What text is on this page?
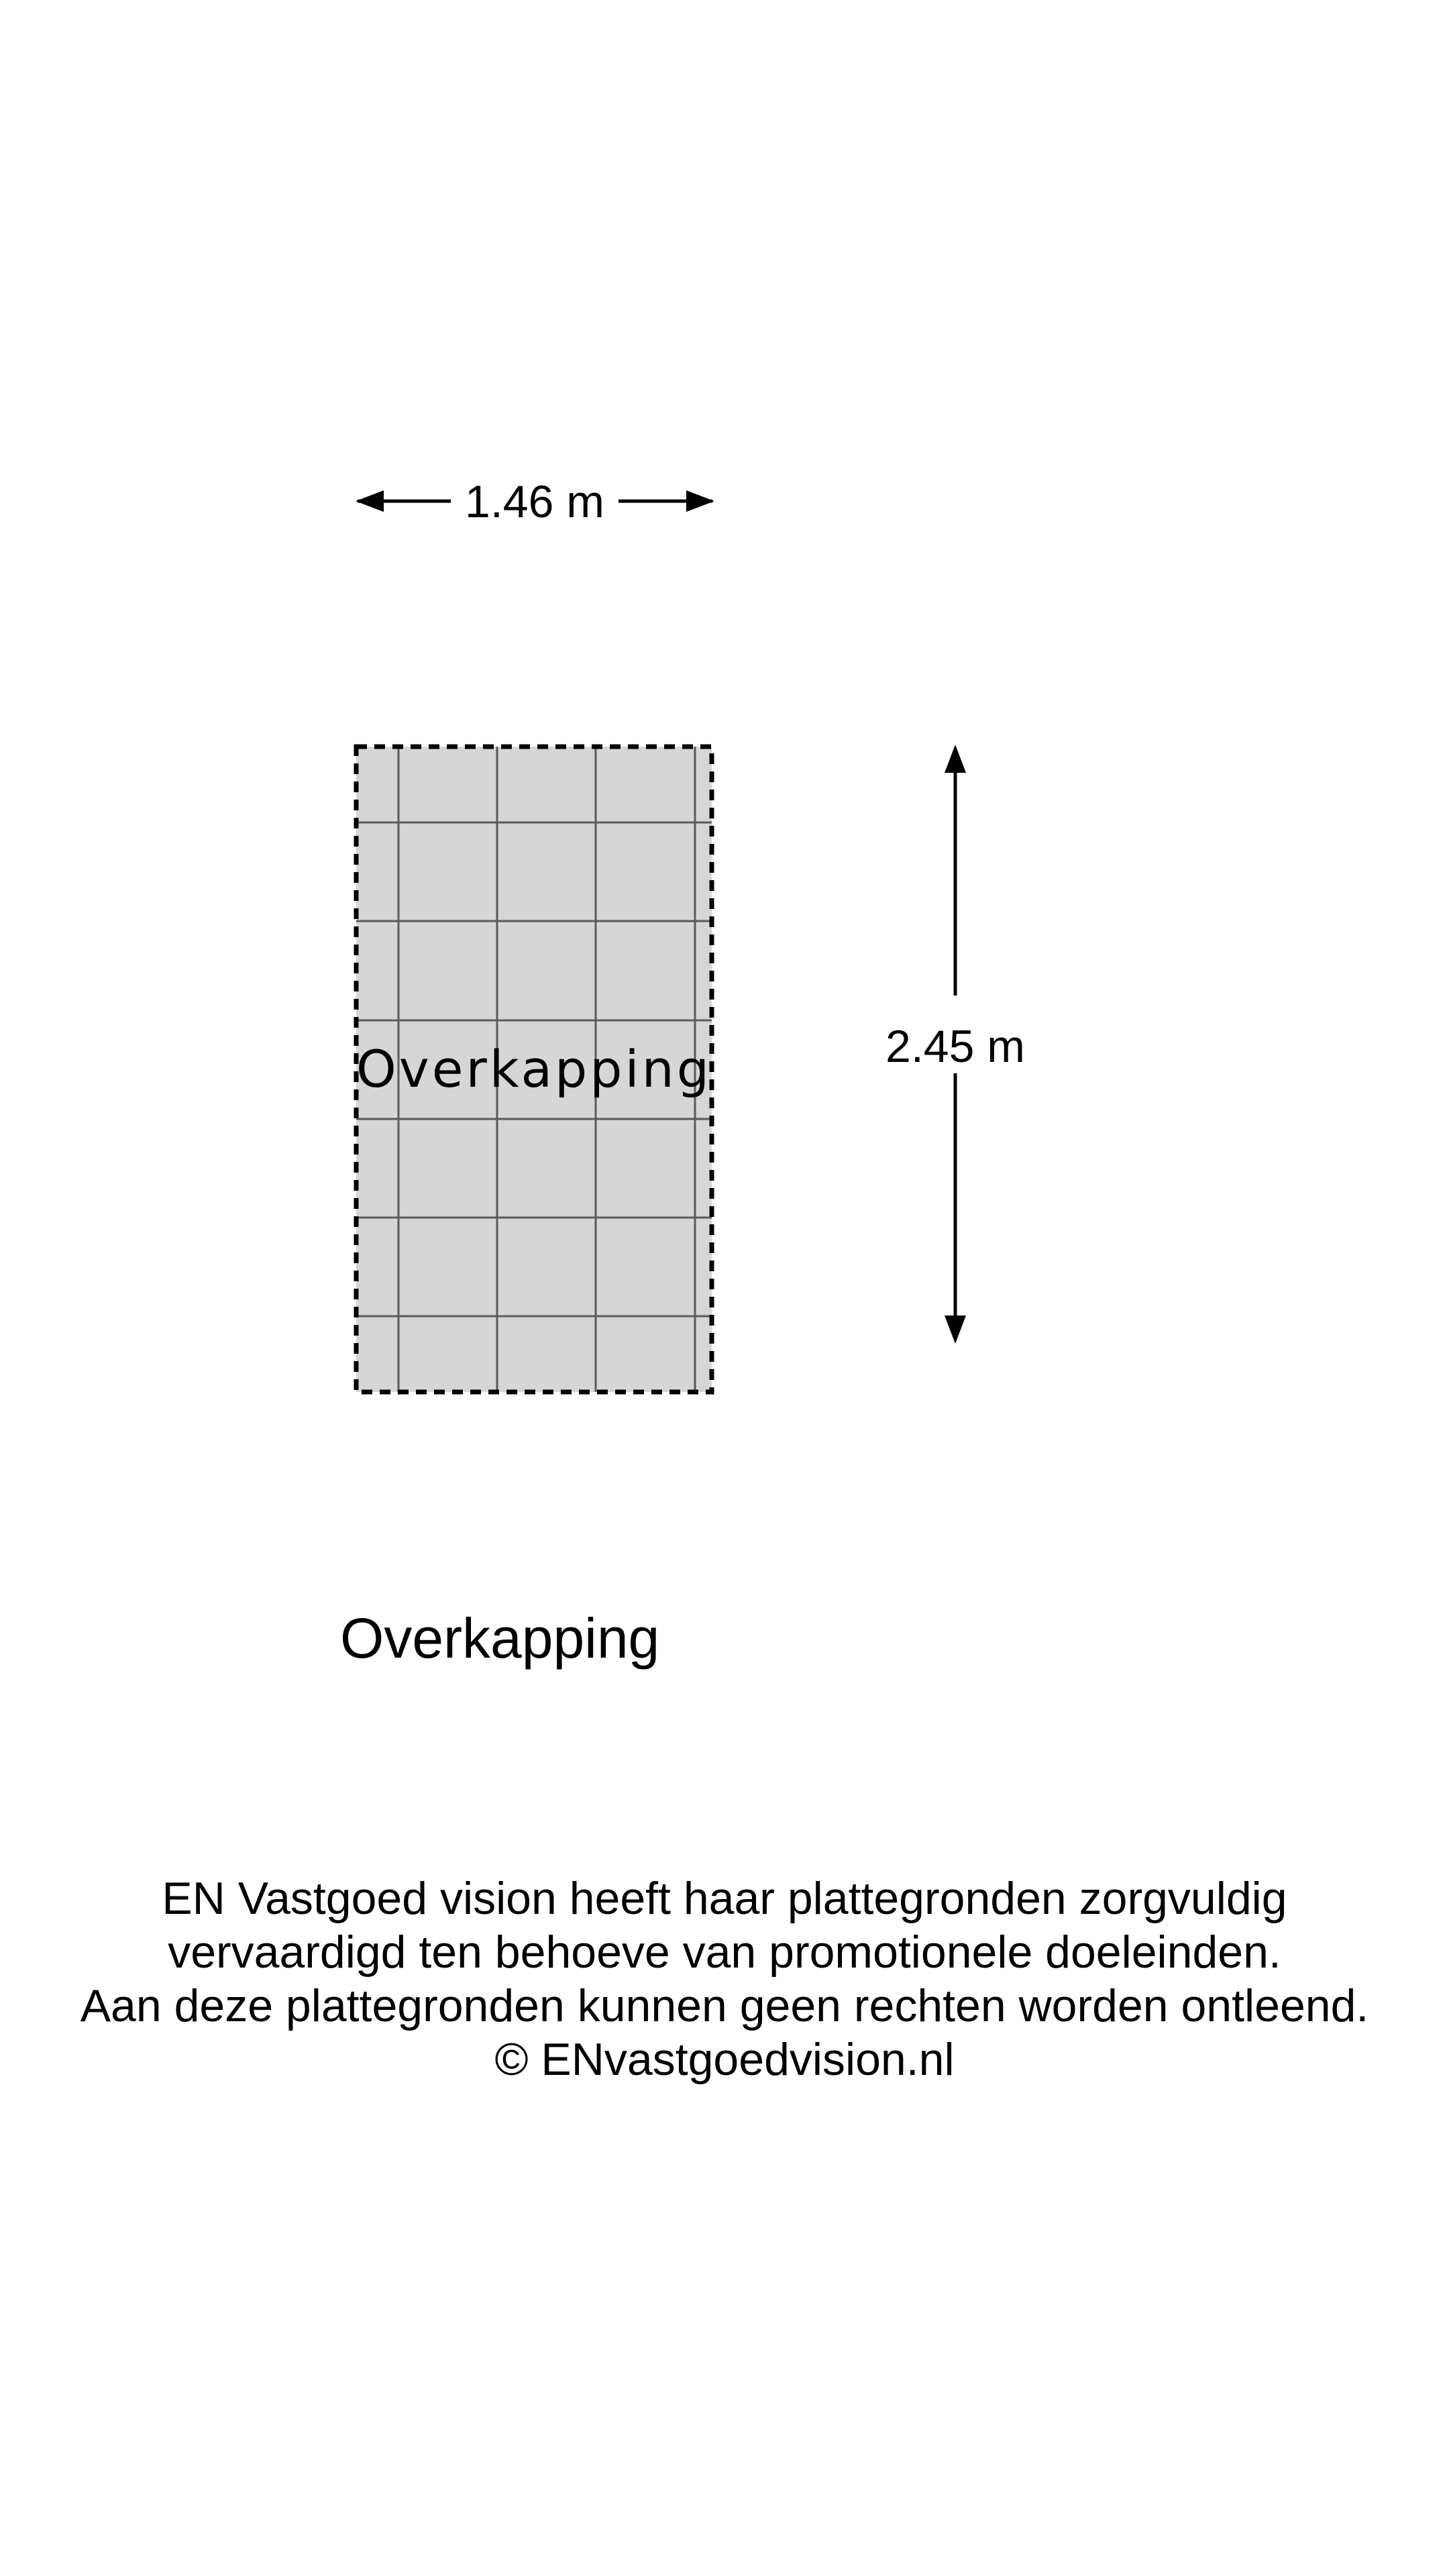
1.46 m
Overkapping	2.45 m
Overkapping
EN Vastgoed vision heeft haar plattegronden zorgvuldig
vervaardigd ten behoeve van promotionele doeleinden.
Aan deze plattegronden kunnen geen rechten worden ontleend.
© ENvastgoedvision.nl
